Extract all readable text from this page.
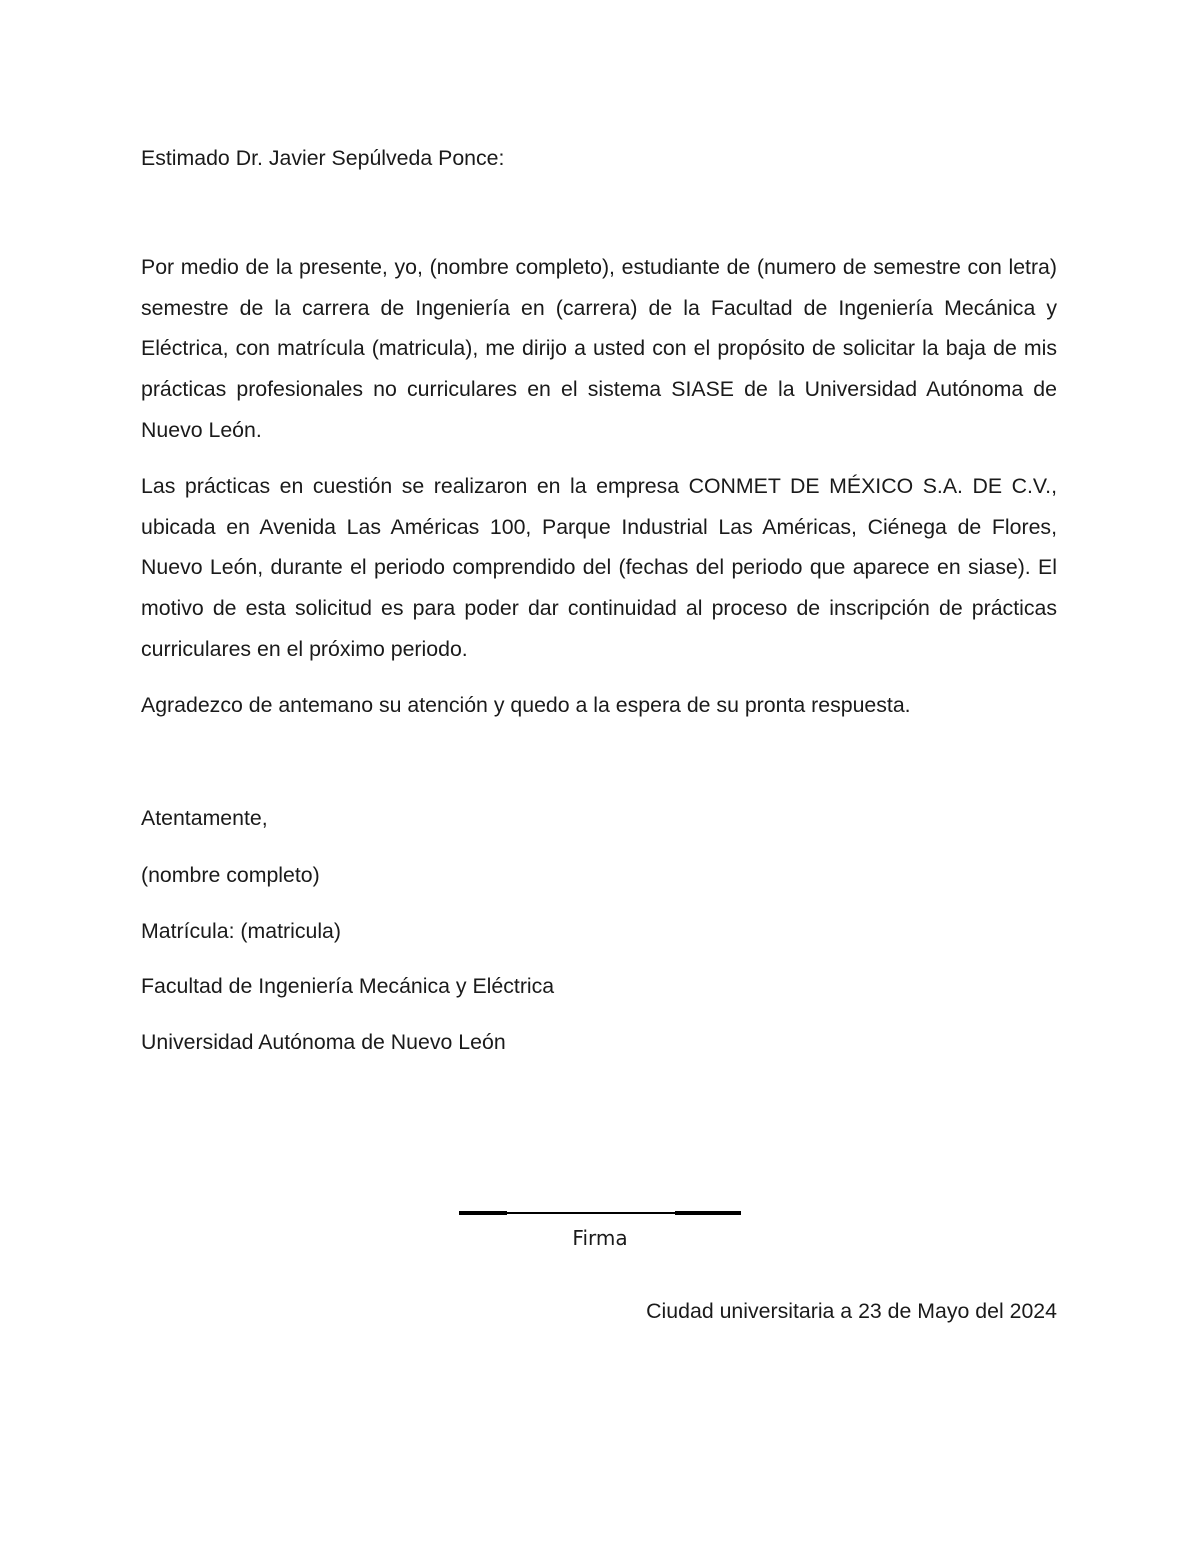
Estimado Dr. Javier Sepúlveda Ponce:

Por medio de la presente, yo, (nombre completo), estudiante de (numero de semestre con letra) semestre de la carrera de Ingeniería en (carrera) de la Facultad de Ingeniería Mecánica y Eléctrica, con matrícula (matricula), me dirijo a usted con el propósito de solicitar la baja de mis prácticas profesionales no curriculares en el sistema SIASE de la Universidad Autónoma de Nuevo León.

Las prácticas en cuestión se realizaron en la empresa CONMET DE MÉXICO S.A. DE C.V., ubicada en Avenida Las Américas 100, Parque Industrial Las Américas, Ciénega de Flores, Nuevo León, durante el periodo comprendido del (fechas del periodo que aparece en siase). El motivo de esta solicitud es para poder dar continuidad al proceso de inscripción de prácticas curriculares en el próximo periodo.

Agradezco de antemano su atención y quedo a la espera de su pronta respuesta.

Atentamente,

(nombre completo)

Matrícula: (matricula)

Facultad de Ingeniería Mecánica y Eléctrica

Universidad Autónoma de Nuevo León

Firma
Ciudad universitaria a 23 de Mayo del 2024
